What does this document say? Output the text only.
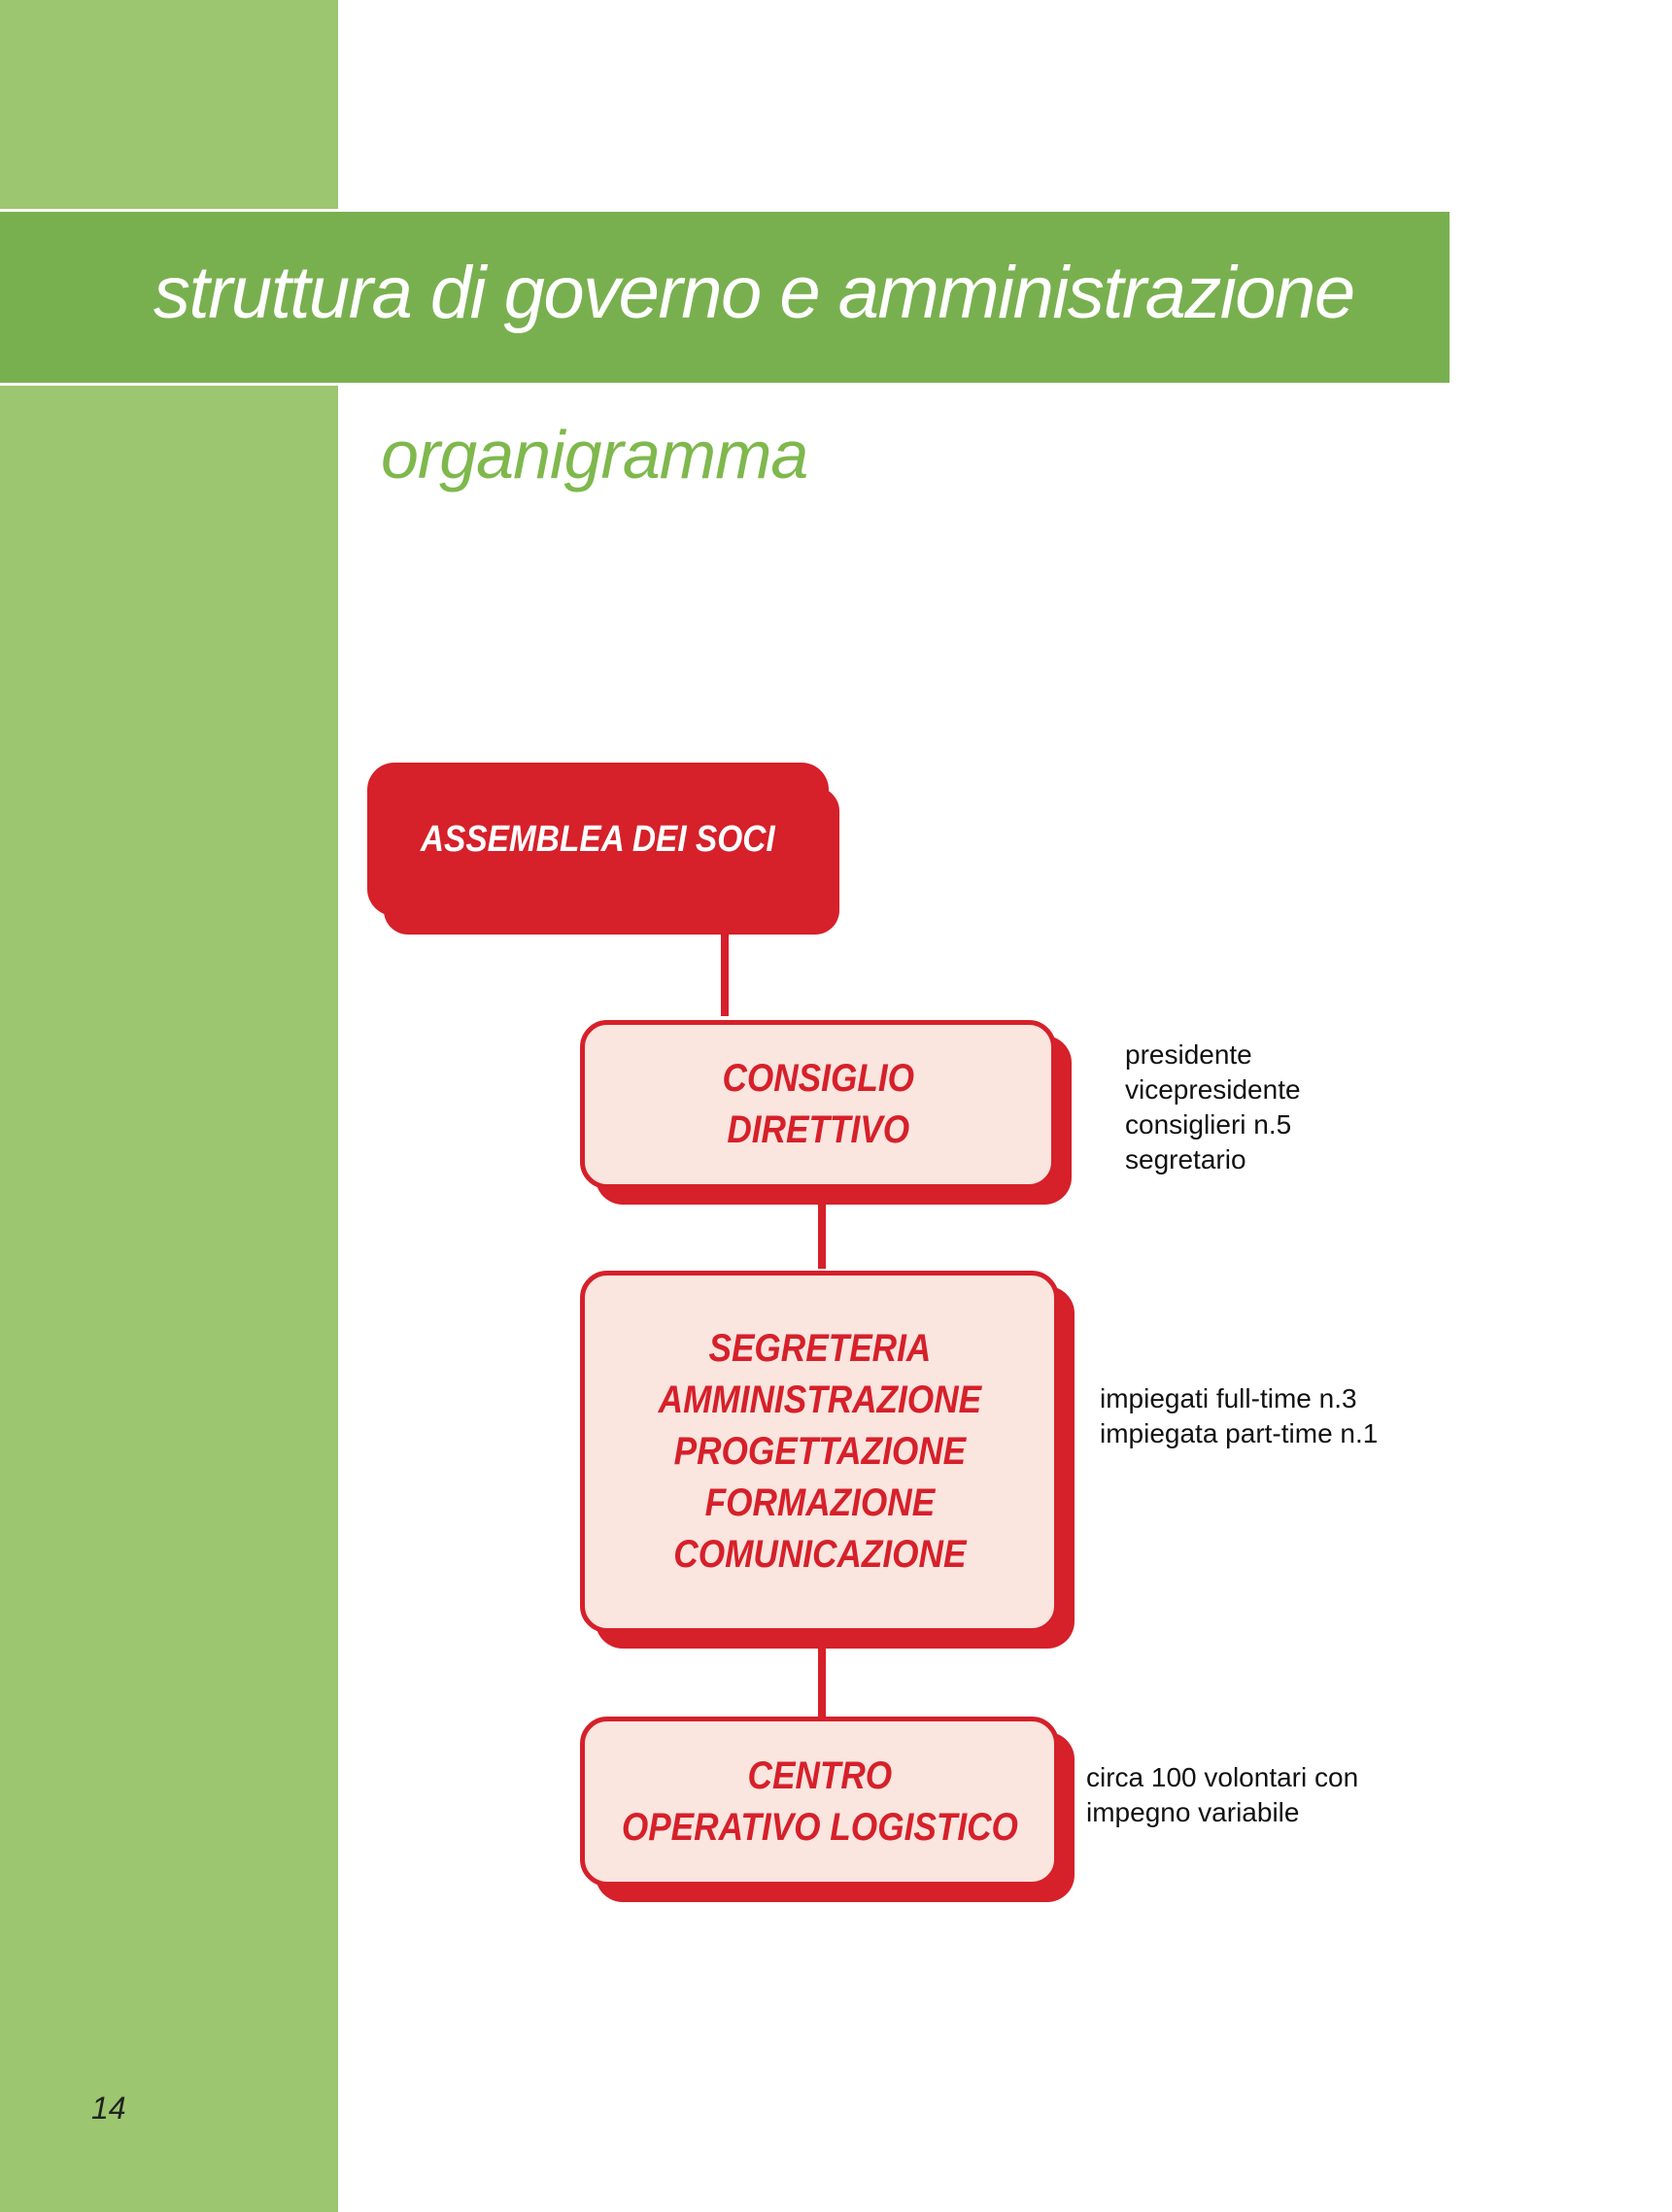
struttura di governo e amministrazione
organigramma
ASSEMBLEA DEI SOCI
CONSIGLIO
DIRETTIVO
SEGRETERIA
AMMINISTRAZIONE
PROGETTAZIONE
FORMAZIONE
COMUNICAZIONE
CENTRO
OPERATIVO LOGISTICO
presidente
vicepresidente
consiglieri n.5
segretario
impiegati full-time n.3
impiegata part-time n.1
circa 100 volontari con
impegno variabile
14
